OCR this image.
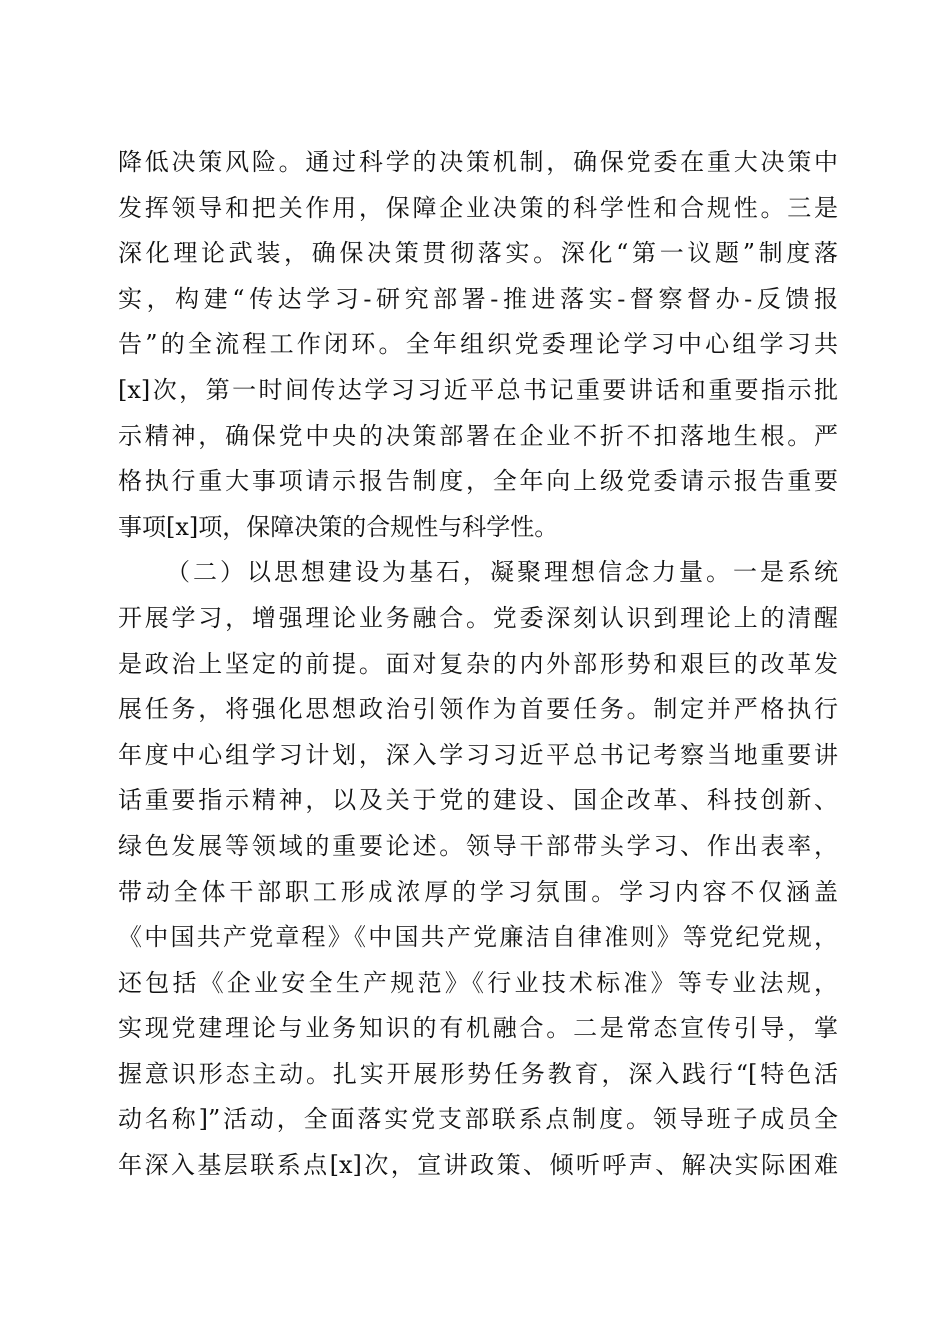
降低决策风险。通过科学的决策机制，确保党委在重大决策中
发挥领导和把关作用，保障企业决策的科学性和合规性。三是
深化理论武装，确保决策贯彻落实。深化“第一议题”制度落
实，构建“传达学习-研究部署-推进落实-督察督办-反馈报
告”的全流程工作闭环。全年组织党委理论学习中心组学习共
[x]次，第一时间传达学习习近平总书记重要讲话和重要指示批
示精神，确保党中央的决策部署在企业不折不扣落地生根。严
格执行重大事项请示报告制度，全年向上级党委请示报告重要
事项[x]项，保障决策的合规性与科学性。
（二）以思想建设为基石，凝聚理想信念力量。一是系统
开展学习，增强理论业务融合。党委深刻认识到理论上的清醒
是政治上坚定的前提。面对复杂的内外部形势和艰巨的改革发
展任务，将强化思想政治引领作为首要任务。制定并严格执行
年度中心组学习计划，深入学习习近平总书记考察当地重要讲
话重要指示精神，以及关于党的建设、国企改革、科技创新、
绿色发展等领域的重要论述。领导干部带头学习、作出表率，
带动全体干部职工形成浓厚的学习氛围。学习内容不仅涵盖
《中国共产党章程》《中国共产党廉洁自律准则》等党纪党规，
还包括《企业安全生产规范》《行业技术标准》等专业法规，
实现党建理论与业务知识的有机融合。二是常态宣传引导，掌
握意识形态主动。扎实开展形势任务教育，深入践行“[特色活
动名称]”活动，全面落实党支部联系点制度。领导班子成员全
年深入基层联系点[x]次，宣讲政策、倾听呼声、解决实际困难
